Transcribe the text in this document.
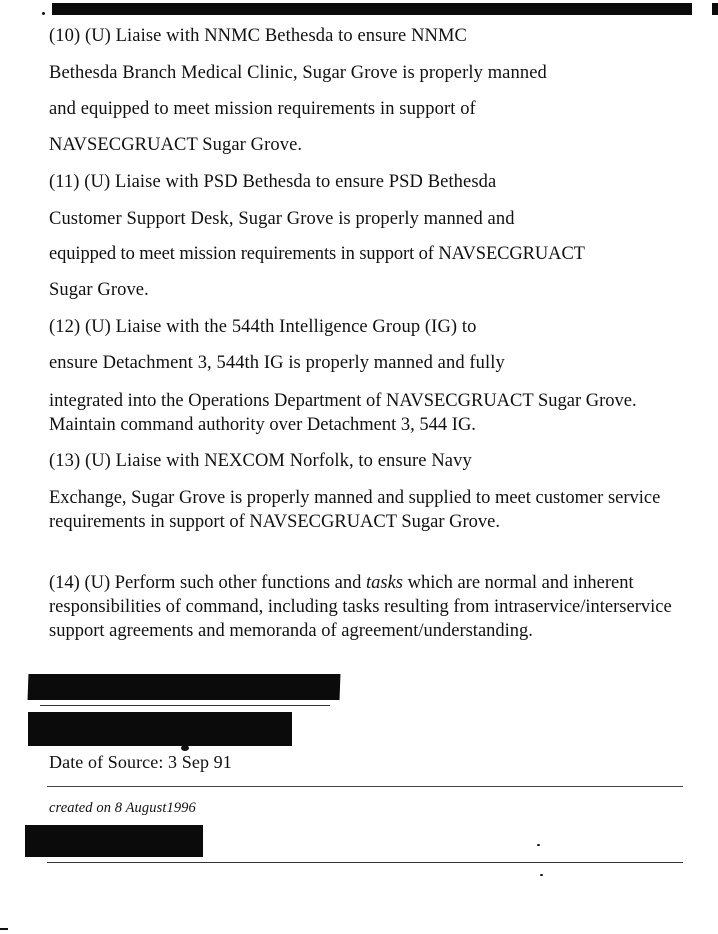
(10) (U) Liaise with NNMC Bethesda to ensure NNMC
Bethesda Branch Medical Clinic, Sugar Grove is properly manned
and equipped to meet mission requirements in support of
NAVSECGRUACT Sugar Grove.
(11) (U) Liaise with PSD Bethesda to ensure PSD Bethesda
Customer Support Desk, Sugar Grove is properly manned and
equipped to meet mission requirements in support of NAVSECGRUACT
Sugar Grove.
(12) (U) Liaise with the 544th Intelligence Group (IG) to
ensure Detachment 3, 544th IG is properly manned and fully
integrated into the Operations Department of NAVSECGRUACT Sugar Grove. Maintain command authority over Detachment 3, 544 IG.
(13) (U) Liaise with NEXCOM Norfolk, to ensure Navy
Exchange, Sugar Grove is properly manned and supplied to meet customer service requirements in support of NAVSECGRUACT Sugar Grove.
(14) (U) Perform such other functions and tasks which are normal and inherent responsibilities of command, including tasks resulting from intraservice/interservice support agreements and memoranda of agreement/understanding.
Date of Source: 3 Sep 91
created on 8 August1996
